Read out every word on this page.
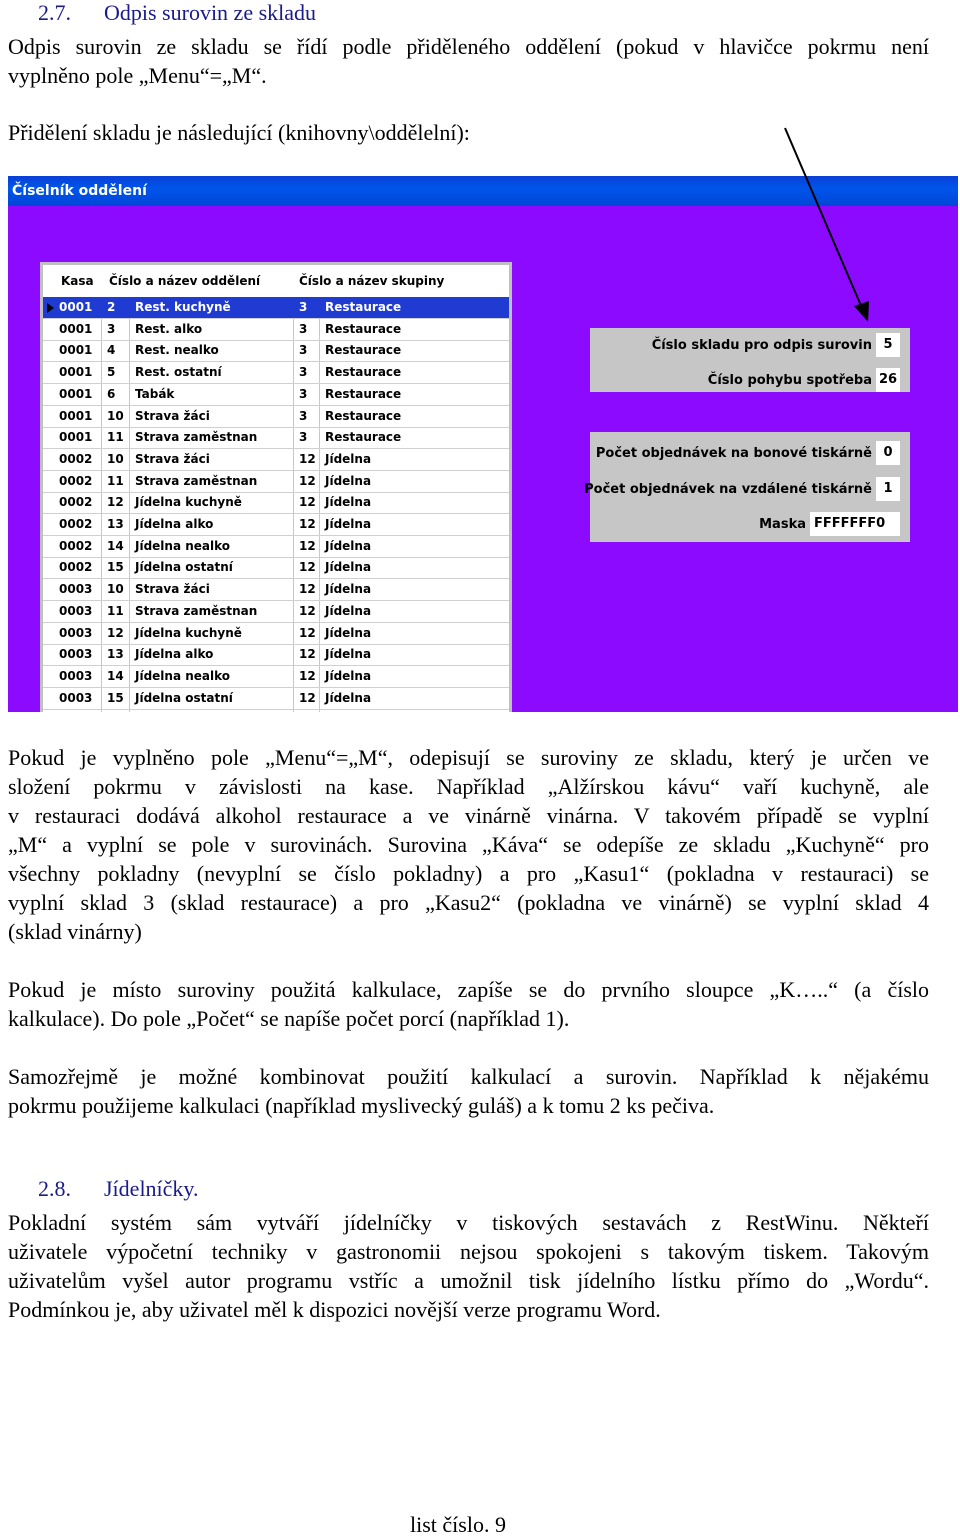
2.7. Odpis surovin ze skladu
Odpis surovin ze skladu se řídí podle přiděleného oddělení (pokud v hlavičce pokrmu není
vyplněno pole „Menu“=„M“.
Přidělení skladu je následující (knihovny\oddělelní):
Číselník oddělení
Kasa Číslo a název oddělení	Číslo a název skupiny
0001 2 Rest. kuchyně	3 Restaurace
0001 3 Rest. alko	3 Restaurace
0001 4 Rest. nealko	3 Restaurace
0001 5 Rest. ostatní	3 Restaurace
0001 6 Tabák	3 Restaurace
0001 10 Strava žáci	3 Restaurace
0001 11 Strava zaměstnan	3 Restaurace
0002 10 Strava žáci	12 Jídelna
0002 11 Strava zaměstnan	12 Jídelna
0002 12 Jídelna kuchyně	12 Jídelna
0002 13 Jídelna alko	12 Jídelna
0002 14 Jídelna nealko	12 Jídelna
0002 15 Jídelna ostatní	12 Jídelna
0003 10 Strava žáci	12 Jídelna
0003 11 Strava zaměstnan	12 Jídelna
0003 12 Jídelna kuchyně	12 Jídelna
0003 13 Jídelna alko	12 Jídelna
0003 14 Jídelna nealko	12 Jídelna
0003 15 Jídelna ostatní	12 Jídelna
Číslo skladu pro odpis surovin 5
Číslo pohybu spotřeba 26
Počet objednávek na bonové tiskárně 0
Počet objednávek na vzdálené tiskárně 1
Maska FFFFFFF0
Pokud je vyplněno pole „Menu“=„M“, odepisují se suroviny ze skladu, který je určen ve
složení pokrmu v závislosti na kase. Například „Alžírskou kávu“ vaří kuchyně, ale
v restauraci dodává alkohol restaurace a ve vinárně vinárna. V takovém případě se vyplní
„M“ a vyplní se pole v surovinách. Surovina „Káva“ se odepíše ze skladu „Kuchyně“ pro
všechny pokladny (nevyplní se číslo pokladny) a pro „Kasu1“ (pokladna v restauraci) se
vyplní sklad 3 (sklad restaurace) a pro „Kasu2“ (pokladna ve vinárně) se vyplní sklad 4
(sklad vinárny)
Pokud je místo suroviny použitá kalkulace, zapíše se do prvního sloupce „K…..“ (a číslo
kalkulace). Do pole „Počet“ se napíše počet porcí (například 1).
Samozřejmě je možné kombinovat použití kalkulací a surovin. Například k nějakému
pokrmu použijeme kalkulaci (například myslivecký guláš) a k tomu 2 ks pečiva.
2.8. Jídelníčky.
Pokladní systém sám vytváří jídelníčky v tiskových sestavách z RestWinu. Někteří
uživatele výpočetní techniky v gastronomii nejsou spokojeni s takovým tiskem. Takovým
uživatelům vyšel autor programu vstříc a umožnil tisk jídelního lístku přímo do „Wordu“.
Podmínkou je, aby uživatel měl k dispozici novější verze programu Word.
list číslo. 9
